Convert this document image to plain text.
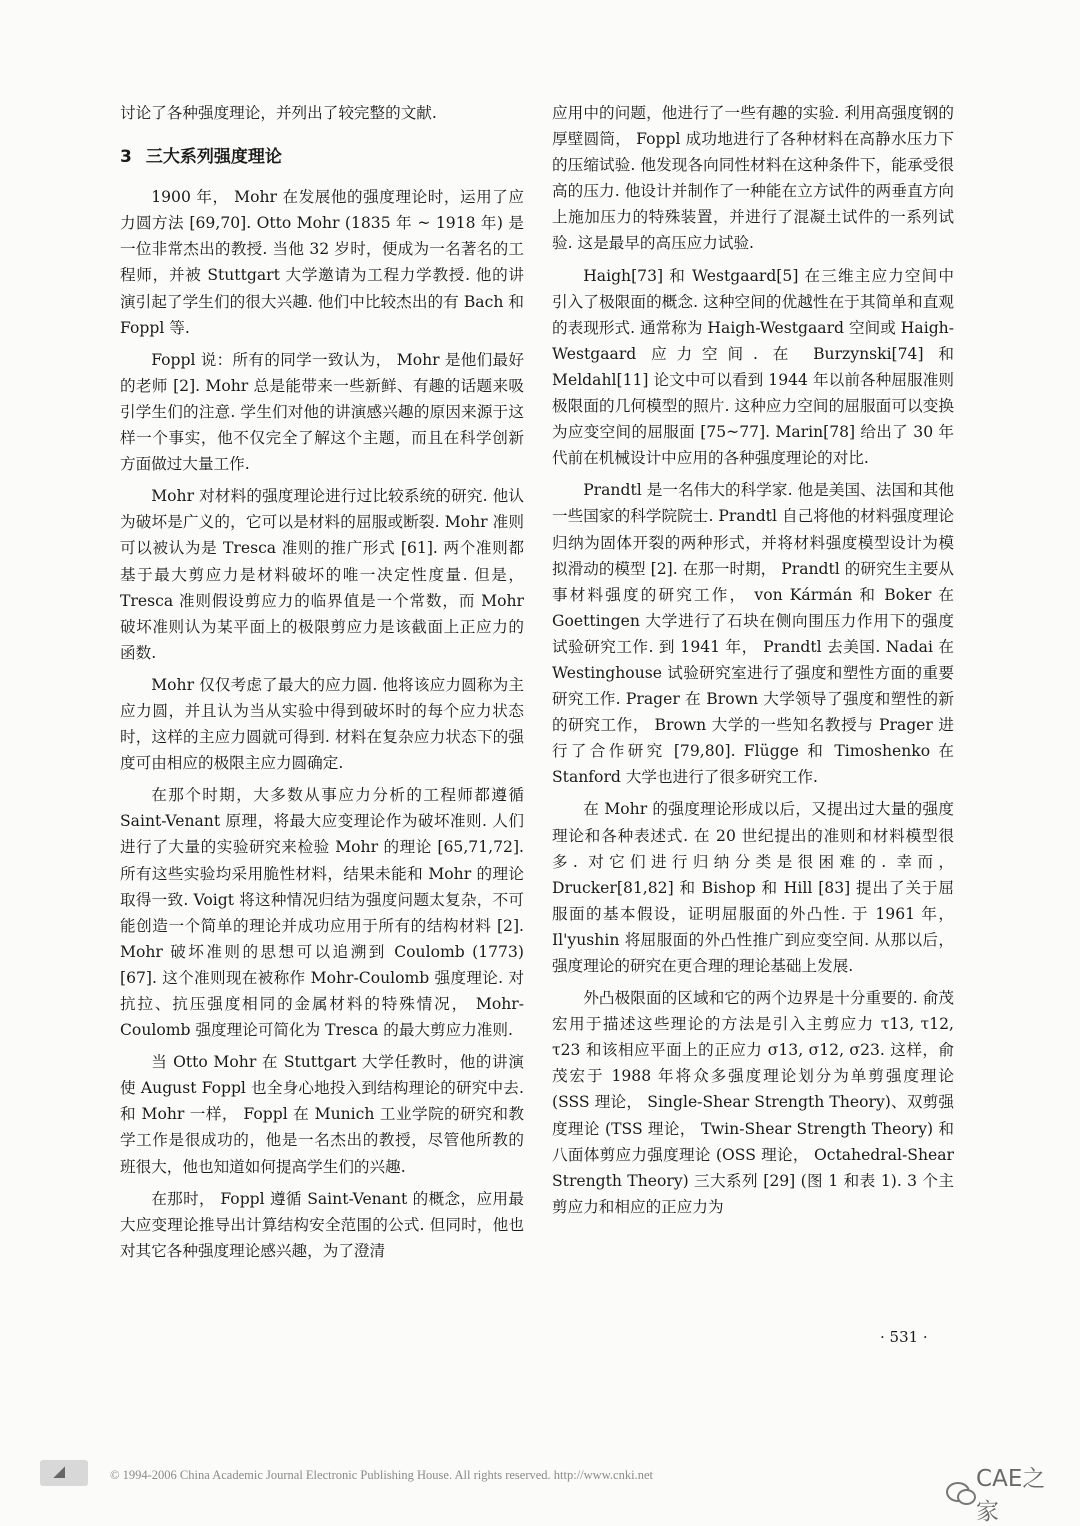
讨论了各种强度理论，并列出了较完整的文献.

3 三大系列强度理论

1900 年， Mohr 在发展他的强度理论时，运用了应力圆方法 [69,70]. Otto Mohr (1835 年 ~ 1918 年) 是一位非常杰出的教授. 当他 32 岁时，便成为一名著名的工程师，并被 Stuttgart 大学邀请为工程力学教授. 他的讲演引起了学生们的很大兴趣. 他们中比较杰出的有 Bach 和 Foppl 等.

Foppl 说：所有的同学一致认为， Mohr 是他们最好的老师 [2]. Mohr 总是能带来一些新鲜、有趣的话题来吸引学生们的注意. 学生们对他的讲演感兴趣的原因来源于这样一个事实，他不仅完全了解这个主题，而且在科学创新方面做过大量工作.

Mohr 对材料的强度理论进行过比较系统的研究. 他认为破坏是广义的，它可以是材料的屈服或断裂. Mohr 准则可以被认为是 Tresca 准则的推广形式 [61]. 两个准则都基于最大剪应力是材料破坏的唯一决定性度量. 但是， Tresca 准则假设剪应力的临界值是一个常数，而 Mohr 破坏准则认为某平面上的极限剪应力是该截面上正应力的函数.

Mohr 仅仅考虑了最大的应力圆. 他将该应力圆称为主应力圆，并且认为当从实验中得到破坏时的每个应力状态时，这样的主应力圆就可得到. 材料在复杂应力状态下的强度可由相应的极限主应力圆确定.

在那个时期，大多数从事应力分析的工程师都遵循 Saint-Venant 原理，将最大应变理论作为破坏准则. 人们进行了大量的实验研究来检验 Mohr 的理论 [65,71,72]. 所有这些实验均采用脆性材料，结果未能和 Mohr 的理论取得一致. Voigt 将这种情况归结为强度问题太复杂，不可能创造一个简单的理论并成功应用于所有的结构材料 [2]. Mohr 破坏准则的思想可以追溯到 Coulomb (1773)[67]. 这个准则现在被称作 Mohr-Coulomb 强度理论. 对抗拉、抗压强度相同的金属材料的特殊情况， Mohr-Coulomb 强度理论可简化为 Tresca 的最大剪应力准则.

当 Otto Mohr 在 Stuttgart 大学任教时，他的讲演使 August Foppl 也全身心地投入到结构理论的研究中去. 和 Mohr 一样， Foppl 在 Munich 工业学院的研究和教学工作是很成功的，他是一名杰出的教授，尽管他所教的班很大，他也知道如何提高学生们的兴趣.

在那时， Foppl 遵循 Saint-Venant 的概念，应用最大应变理论推导出计算结构安全范围的公式. 但同时，他也对其它各种强度理论感兴趣，为了澄清

应用中的问题，他进行了一些有趣的实验. 利用高强度钢的厚壁圆筒， Foppl 成功地进行了各种材料在高静水压力下的压缩试验. 他发现各向同性材料在这种条件下，能承受很高的压力. 他设计并制作了一种能在立方试件的两垂直方向上施加压力的特殊装置，并进行了混凝土试件的一系列试验. 这是最早的高压应力试验.

Haigh[73] 和 Westgaard[5] 在三维主应力空间中引入了极限面的概念. 这种空间的优越性在于其简单和直观的表现形式. 通常称为 Haigh-Westgaard 空间或 Haigh-Westgaard 应力空间. 在 Burzynski[74] 和 Meldahl[11] 论文中可以看到 1944 年以前各种屈服准则极限面的几何模型的照片. 这种应力空间的屈服面可以变换为应变空间的屈服面 [75~77]. Marin[78] 给出了 30 年代前在机械设计中应用的各种强度理论的对比.

Prandtl 是一名伟大的科学家. 他是美国、法国和其他一些国家的科学院院士. Prandtl 自己将他的材料强度理论归纳为固体开裂的两种形式，并将材料强度模型设计为模拟滑动的模型 [2]. 在那一时期， Prandtl 的研究生主要从事材料强度的研究工作， von Kármán 和 Boker 在 Goettingen 大学进行了石块在侧向围压力作用下的强度试验研究工作. 到 1941 年， Prandtl 去美国. Nadai 在 Westinghouse 试验研究室进行了强度和塑性方面的重要研究工作. Prager 在 Brown 大学领导了强度和塑性的新的研究工作， Brown 大学的一些知名教授与 Prager 进行了合作研究 [79,80]. Flügge 和 Timoshenko 在 Stanford 大学也进行了很多研究工作.

在 Mohr 的强度理论形成以后，又提出过大量的强度理论和各种表述式. 在 20 世纪提出的准则和材料模型很多. 对它们进行归纳分类是很困难的. 幸而， Drucker[81,82] 和 Bishop 和 Hill [83] 提出了关于屈服面的基本假设，证明屈服面的外凸性. 于 1961 年， Il'yushin 将屈服面的外凸性推广到应变空间. 从那以后，强度理论的研究在更合理的理论基础上发展.

外凸极限面的区域和它的两个边界是十分重要的. 俞茂宏用于描述这些理论的方法是引入主剪应力 τ13, τ12, τ23 和该相应平面上的正应力 σ13, σ12, σ23. 这样，俞茂宏于 1988 年将众多强度理论划分为单剪强度理论 (SSS 理论， Single-Shear Strength Theory)、双剪强度理论 (TSS 理论， Twin-Shear Strength Theory) 和八面体剪应力强度理论 (OSS 理论， Octahedral-Shear Strength Theory) 三大系列 [29] (图 1 和表 1). 3 个主剪应力和相应的正应力为

· 531 ·
◢	© 1994-2006 China Academic Journal Electronic Publishing House. All rights reserved. http://www.cnki.net	CAE之家
